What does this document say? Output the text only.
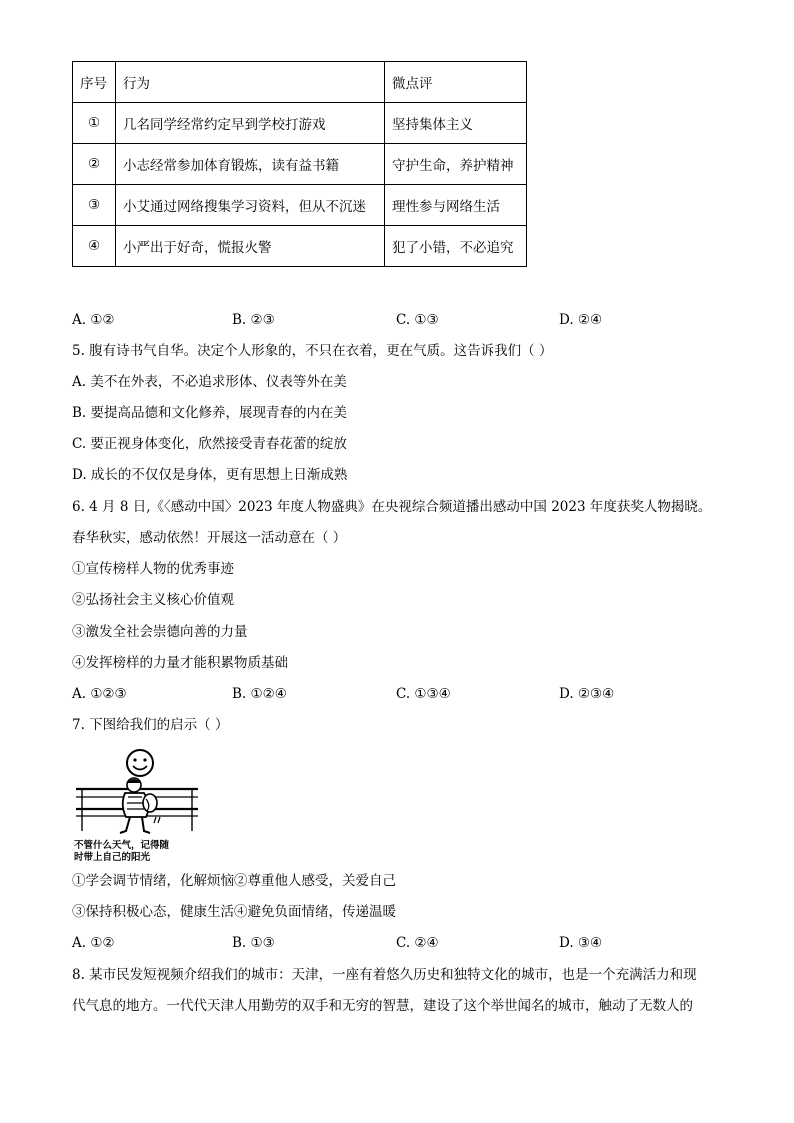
序号	行为	微点评
①	几名同学经常约定早到学校打游戏	坚持集体主义
②	小志经常参加体育锻炼，读有益书籍	守护生命，养护精神
③	小艾通过网络搜集学习资料，但从不沉迷	理性参与网络生活
④	小严出于好奇，慌报火警	犯了小错，不必追究
A. ①②	B. ②③	C. ①③	D. ②④
5. 腹有诗书气自华。决定个人形象的，不只在衣着，更在气质。这告诉我们（ ）
A. 美不在外表，不必追求形体、仪表等外在美
B. 要提高品德和文化修养，展现青春的内在美
C. 要正视身体变化，欣然接受青春花蕾的绽放
D. 成长的不仅仅是身体，更有思想上日渐成熟
6. 4 月 8 日,《〈感动中国〉2023 年度人物盛典》在央视综合频道播出感动中国 2023 年度获奖人物揭晓。
春华秋实，感动依然！开展这一活动意在（ ）
①宣传榜样人物的优秀事迹
②弘扬社会主义核心价值观
③激发全社会崇德向善的力量
④发挥榜样的力量才能积累物质基础
A. ①②③	B. ①②④	C. ①③④	D. ②③④
7. 下图给我们的启示（ ）
不管什么天气，记得随
时带上自己的阳光
①学会调节情绪，化解烦恼②尊重他人感受，关爱自己
③保持积极心态，健康生活④避免负面情绪，传递温暖
A. ①②	B. ①③	C. ②④	D. ③④
8. 某市民发短视频介绍我们的城市：天津，一座有着悠久历史和独特文化的城市，也是一个充满活力和现
代气息的地方。一代代天津人用勤劳的双手和无穷的智慧，建设了这个举世闻名的城市，触动了无数人的
